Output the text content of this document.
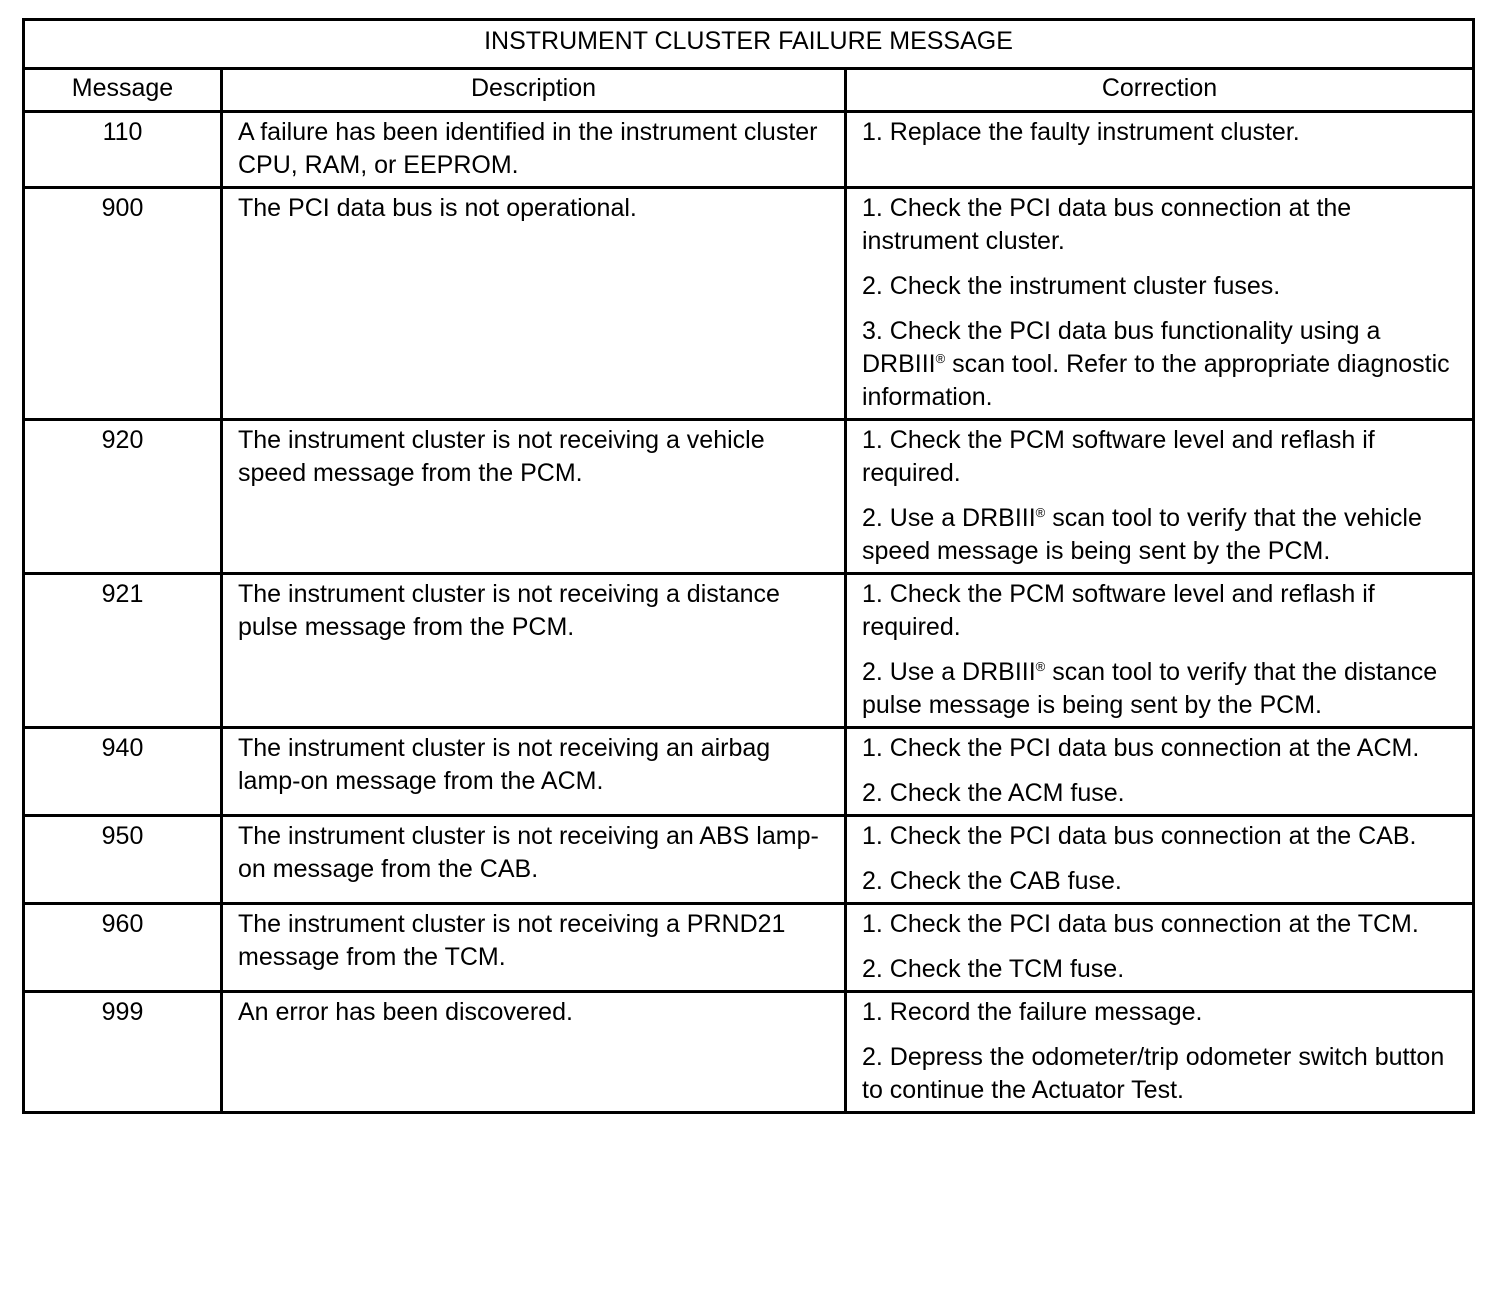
INSTRUMENT CLUSTER FAILURE MESSAGE		
Message	Description	Correction
110	A failure has been identified in the instrument cluster CPU, RAM, or EEPROM.	1. Replace the faulty instrument cluster.

900	The PCI data bus is not operational.	1. Check the PCI data bus connection at the instrument cluster.
2. Check the instrument cluster fuses.
3. Check the PCI data bus functionality using a DRBIII® scan tool. Refer to the appropriate diagnostic information.

920	The instrument cluster is not receiving a vehicle speed message from the PCM.	1. Check the PCM software level and reflash if required.
2. Use a DRBIII® scan tool to verify that the vehicle speed message is being sent by the PCM.

921	The instrument cluster is not receiving a distance pulse message from the PCM.	1. Check the PCM software level and reflash if required.
2. Use a DRBIII® scan tool to verify that the distance pulse message is being sent by the PCM.

940	The instrument cluster is not receiving an airbag lamp-on message from the ACM.	1. Check the PCI data bus connection at the ACM.
2. Check the ACM fuse.

950	The instrument cluster is not receiving an ABS lamp-on message from the CAB.	1. Check the PCI data bus connection at the CAB.
2. Check the CAB fuse.

960	The instrument cluster is not receiving a PRND21 message from the TCM.	1. Check the PCI data bus connection at the TCM.
2. Check the TCM fuse.

999	An error has been discovered.	1. Record the failure message.
2. Depress the odometer/trip odometer switch button to continue the Actuator Test.
